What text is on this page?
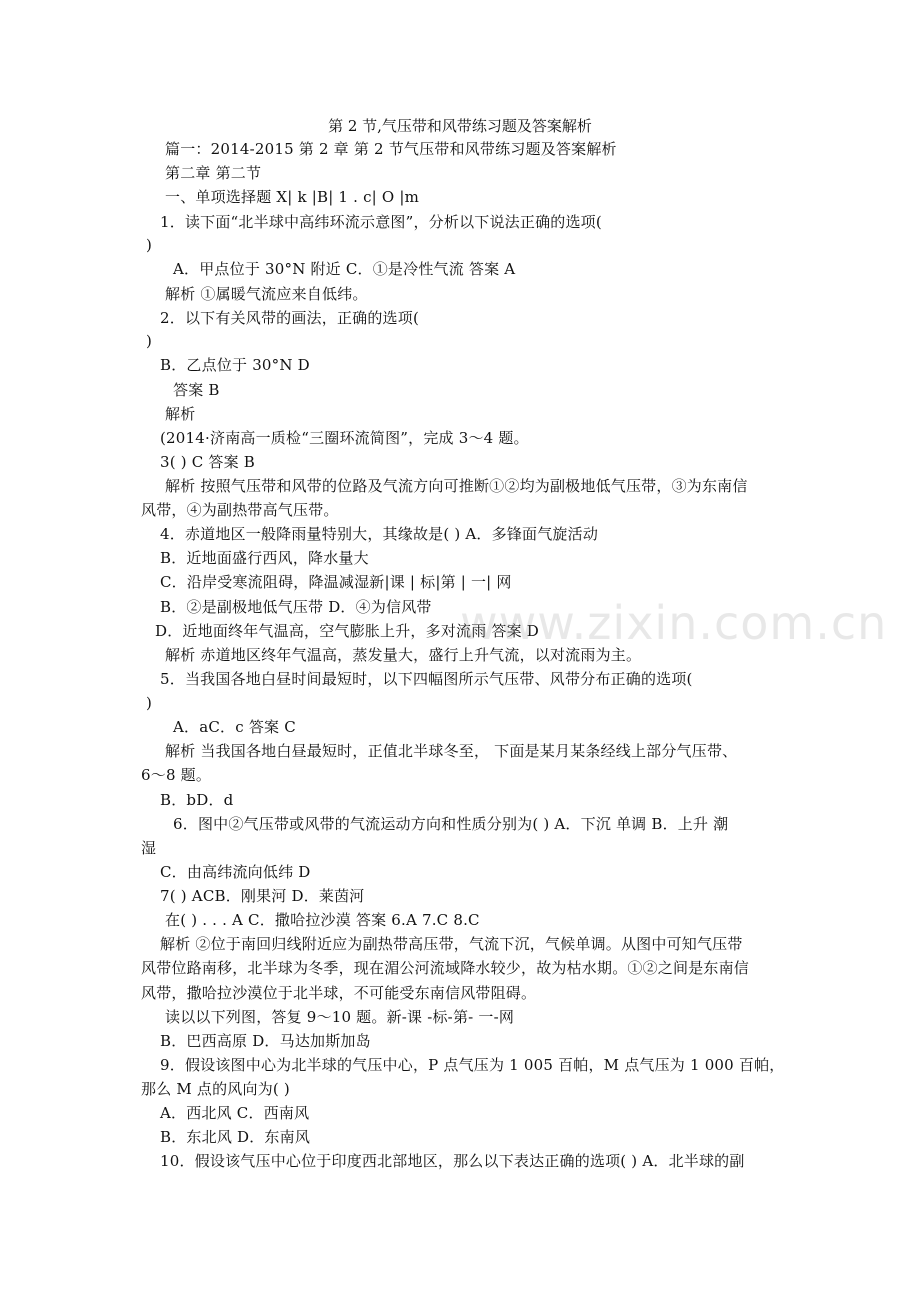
第 2 节,气压带和风带练习题及答案解析
篇一：2014-2015 第 2 章 第 2 节气压带和风带练习题及答案解析
第二章 第二节
一、单项选择题 X| k |B| 1 . c| O |m
1．读下面“北半球中高纬环流示意图”，分析以下说法正确的选项(
)
A．甲点位于 30°N 附近 C．①是冷性气流 答案 A
解析 ①属暖气流应来自低纬。
2．以下有关风带的画法，正确的选项(
)
B．乙点位于 30°N D
答案 B
解析
(2014·济南高一质检“三圈环流简图”，完成 3～4 题。
3( ) C 答案 B
解析 按照气压带和风带的位路及气流方向可推断①②均为副极地低气压带，③为东南信
风带，④为副热带高气压带。
4．赤道地区一般降雨量特别大，其缘故是( ) A．多锋面气旋活动
B．近地面盛行西风，降水量大
C．沿岸受寒流阻碍，降温减湿新|课 | 标|第 | 一| 网
B．②是副极地低气压带 D．④为信风带
D．近地面终年气温高，空气膨胀上升，多对流雨 答案 D
解析 赤道地区终年气温高，蒸发量大，盛行上升气流，以对流雨为主。
5．当我国各地白昼时间最短时，以下四幅图所示气压带、风带分布正确的选项(
)
A．aC．c 答案 C
解析 当我国各地白昼最短时，正值北半球冬至， 下面是某月某条经线上部分气压带、
6～8 题。
B．bD．d
6．图中②气压带或风带的气流运动方向和性质分别为( ) A．下沉 单调 B．上升 潮
湿
C．由高纬流向低纬 D
7( ) ACB．刚果河 D．莱茵河
在( ) . . . A C．撒哈拉沙漠 答案 6.A 7.C 8.C
解析 ②位于南回归线附近应为副热带高压带，气流下沉，气候单调。从图中可知气压带
风带位路南移，北半球为冬季，现在湄公河流域降水较少，故为枯水期。①②之间是东南信
风带，撒哈拉沙漠位于北半球，不可能受东南信风带阻碍。
读以以下列图，答复 9～10 题。新-课 -标-第- 一-网
B．巴西高原 D．马达加斯加岛
9．假设该图中心为北半球的气压中心，P 点气压为 1 005 百帕，M 点气压为 1 000 百帕，
那么 M 点的风向为( )
A．西北风 C．西南风
B．东北风 D．东南风
10．假设该气压中心位于印度西北部地区，那么以下表达正确的选项( ) A．北半球的副
www.zixin.com.cn
